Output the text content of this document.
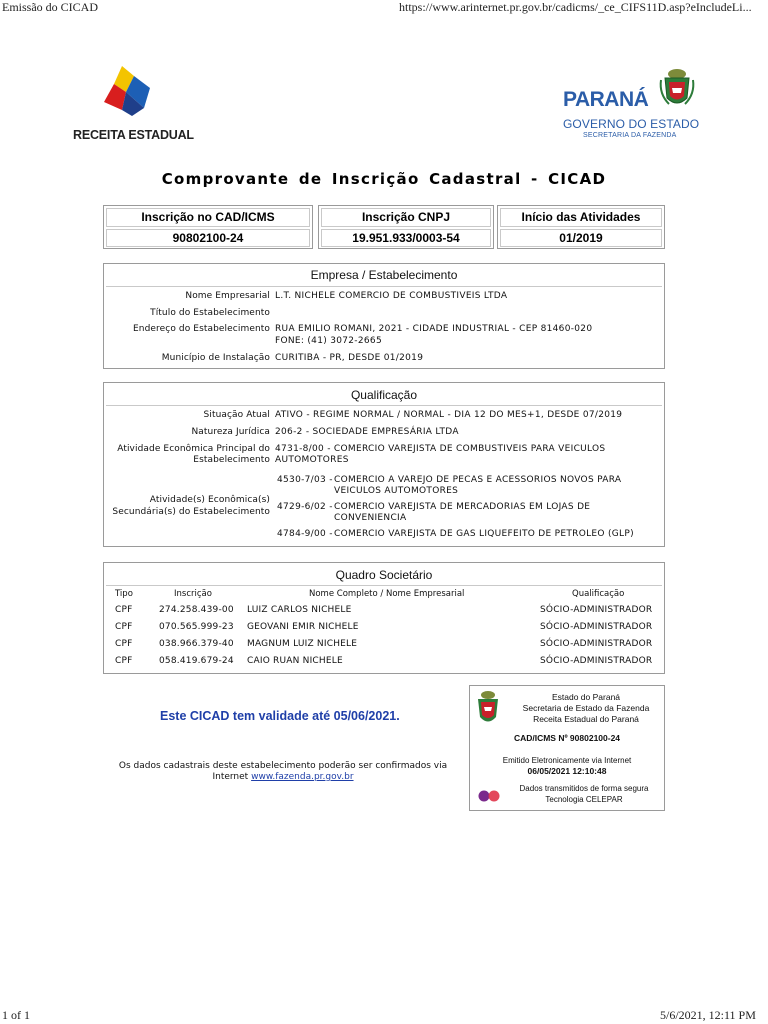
Emissão do CICAD	https://www.arinternet.pr.gov.br/cadicms/_ce_CIFS11D.asp?eIncludeLi...
RECEITA ESTADUAL
PARANÁ
GOVERNO DO ESTADO
SECRETARIA DA FAZENDA
Comprovante de Inscrição Cadastral - CICAD
Inscrição no CAD/ICMS
90802100-24
Inscrição CNPJ
19.951.933/0003-54
Início das Atividades
01/2019
Empresa / Estabelecimento
Nome Empresarial L.T. NICHELE COMERCIO DE COMBUSTIVEIS LTDA
Título do Estabelecimento
Endereço do Estabelecimento RUA EMILIO ROMANI, 2021 - CIDADE INDUSTRIAL - CEP 81460-020
FONE: (41) 3072-2665
Município de Instalação CURITIBA - PR, DESDE 01/2019
Qualificação
Situação Atual ATIVO - REGIME NORMAL / NORMAL - DIA 12 DO MES+1, DESDE 07/2019
Natureza Jurídica 206-2 - SOCIEDADE EMPRESÁRIA LTDA
Atividade Econômica Principal do
Estabelecimento
4731-8/00 - COMERCIO VAREJISTA DE COMBUSTIVEIS PARA VEICULOS
AUTOMOTORES
Atividade(s) Econômica(s)
Secundária(s) do Estabelecimento
4530-7/03 - COMERCIO A VAREJO DE PECAS E ACESSORIOS NOVOS PARA
VEICULOS AUTOMOTORES
4729-6/02 - COMERCIO VAREJISTA DE MERCADORIAS EM LOJAS DE
CONVENIENCIA
4784-9/00 - COMERCIO VAREJISTA DE GAS LIQUEFEITO DE PETROLEO (GLP)
Quadro Societário
Tipo	Inscrição	Nome Completo / Nome Empresarial	Qualificação
CPF	274.258.439-00 LUIZ CARLOS NICHELE	SÓCIO-ADMINISTRADOR
CPF	070.565.999-23 GEOVANI EMIR NICHELE	SÓCIO-ADMINISTRADOR
CPF	038.966.379-40 MAGNUM LUIZ NICHELE	SÓCIO-ADMINISTRADOR
CPF	058.419.679-24 CAIO RUAN NICHELE	SÓCIO-ADMINISTRADOR
Este CICAD tem validade até 05/06/2021.
Os dados cadastrais deste estabelecimento poderão ser confirmados via
Internet www.fazenda.pr.gov.br
Estado do Paraná
Secretaria de Estado da Fazenda
Receita Estadual do Paraná
CAD/ICMS Nº 90802100-24
Emitido Eletronicamente via Internet
06/05/2021 12:10:48
Dados transmitidos de forma segura
Tecnologia CELEPAR
1 of 1	5/6/2021, 12:11 PM
